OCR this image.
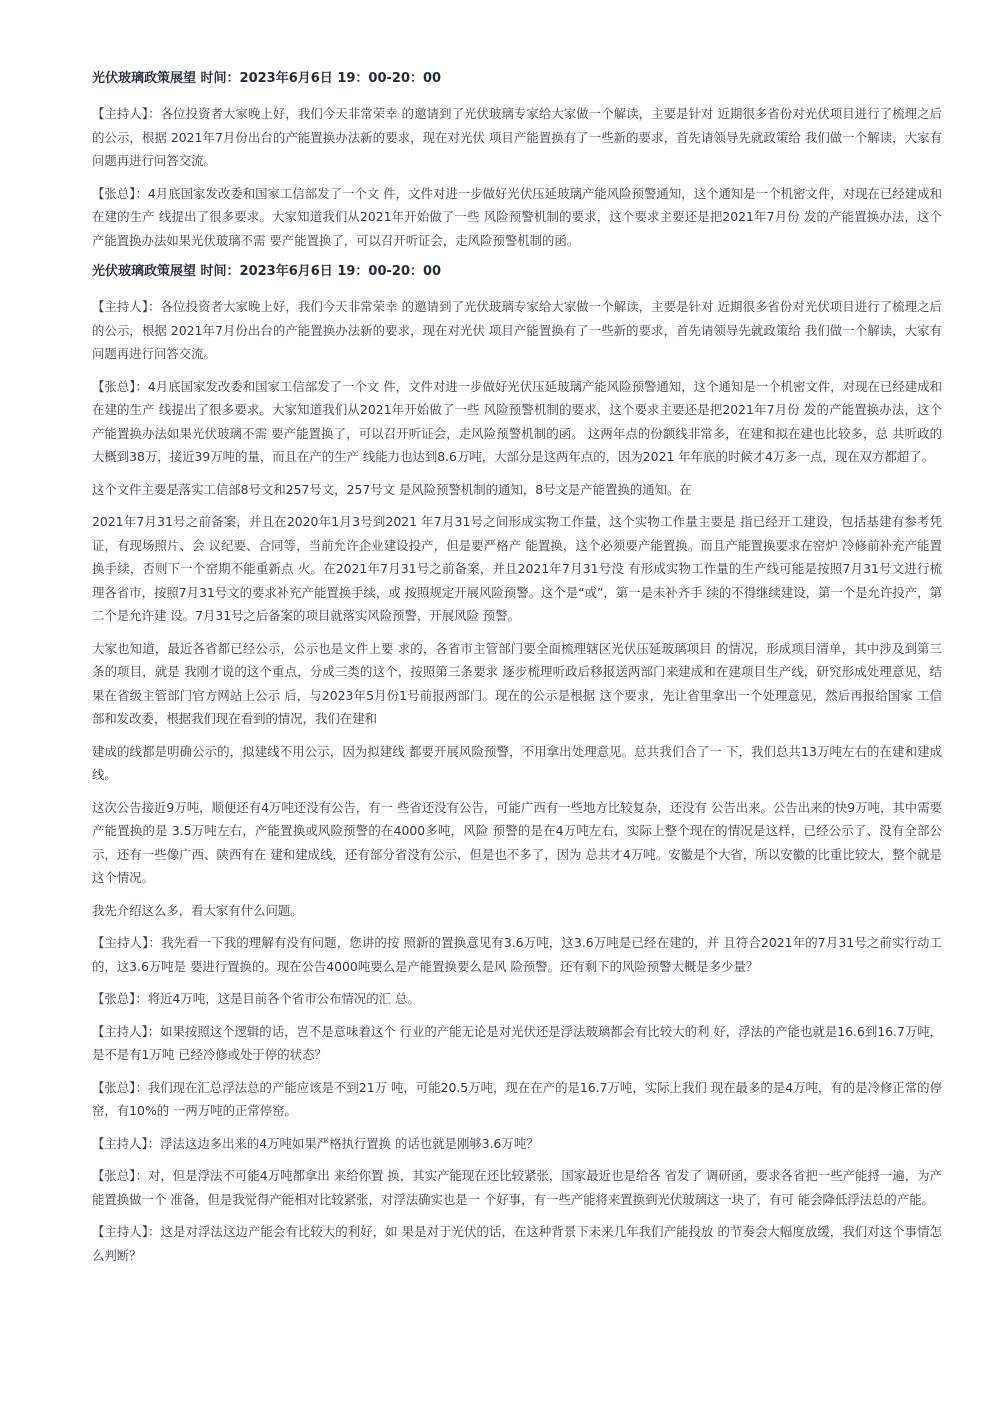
光伏玻璃政策展望 时间：2023年6月6日 19：00-20：00

【主持人】：各位投资者大家晚上好，我们今天非常荣幸 的邀请到了光伏玻璃专家给大家做一个解读，主要是针对 近期很多省份对光伏项目进行了梳理之后的公示，根据 2021年7月份出台的产能置换办法新的要求，现在对光伏 项目产能置换有了一些新的要求，首先请领导先就政策给 我们做一个解读，大家有问题再进行问答交流。

【张总】：4月底国家发改委和国家工信部发了一个文 件，文件对进一步做好光伏压延玻璃产能风险预警通知，这个通知是一个机密文件，对现在已经建成和在建的生产 线提出了很多要求。大家知道我们从2021年开始做了一些 风险预警机制的要求，这个要求主要还是把2021年7月份 发的产能置换办法，这个产能置换办法如果光伏玻璃不需 要产能置换了，可以召开听证会，走风险预警机制的函。

光伏玻璃政策展望 时间：2023年6月6日 19：00-20：00

【主持人】：各位投资者大家晚上好，我们今天非常荣幸 的邀请到了光伏玻璃专家给大家做一个解读，主要是针对 近期很多省份对光伏项目进行了梳理之后的公示，根据 2021年7月份出台的产能置换办法新的要求，现在对光伏 项目产能置换有了一些新的要求，首先请领导先就政策给 我们做一个解读，大家有问题再进行问答交流。

【张总】：4月底国家发改委和国家工信部发了一个文 件，文件对进一步做好光伏压延玻璃产能风险预警通知，这个通知是一个机密文件，对现在已经建成和在建的生产 线提出了很多要求。大家知道我们从2021年开始做了一些 风险预警机制的要求，这个要求主要还是把2021年7月份 发的产能置换办法，这个产能置换办法如果光伏玻璃不需 要产能置换了，可以召开听证会，走风险预警机制的函。 这两年点的份额线非常多，在建和拟在建也比较多，总 共听政的大概到38万，接近39万吨的量，而且在产的生产 线能力也达到8.6万吨，大部分是这两年点的，因为2021 年年底的时候才4万多一点，现在双方都超了。

这个文件主要是落实工信部8号文和257号文，257号文 是风险预警机制的通知，8号文是产能置换的通知。在

2021年7月31号之前备案，并且在2020年1月3号到2021 年7月31号之间形成实物工作量，这个实物工作量主要是 指已经开工建设，包括基建有参考凭证，有现场照片、会 议纪要、合同等，当前允许企业建设投产，但是要严格产 能置换，这个必须要产能置换。而且产能置换要求在窑炉 冷修前补充产能置换手续，否则下一个窑期不能重新点 火。在2021年7月31号之前备案，并且2021年7月31号没 有形成实物工作量的生产线可能是按照7月31号文进行梳 理各省市，按照7月31号文的要求补充产能置换手续，或 按照规定开展风险预警。这个是“或”，第一是未补齐手 续的不得继续建设，第一个是允许投产，第二个是允许建 设。7月31号之后备案的项目就落实风险预警，开展风险 预警。

大家也知道，最近各省都已经公示，公示也是文件上要 求的，各省市主管部门要全面梳理辖区光伏压延玻璃项目 的情况，形成项目清单，其中涉及到第三条的项目，就是 我刚才说的这个重点，分成三类的这个，按照第三条要求 逐步梳理听政后移报送两部门来建成和在建项目生产线，研究形成处理意见，结果在省级主管部门官方网站上公示 后，与2023年5月份1号前报两部门。现在的公示是根据 这个要求，先让省里拿出一个处理意见，然后再报给国家 工信部和发改委，根据我们现在看到的情况，我们在建和

建成的线都是明确公示的，拟建线不用公示，因为拟建线 都要开展风险预警，不用拿出处理意见。总共我们合了一 下，我们总共13万吨左右的在建和建成线。

这次公告接近9万吨，顺便还有4万吨还没有公告，有一 些省还没有公告，可能广西有一些地方比较复杂，还没有 公告出来。公告出来的快9万吨，其中需要产能置换的是 3.5万吨左右，产能置换或风险预警的在4000多吨，风险 预警的是在4万吨左右，实际上整个现在的情况是这样，已经公示了、没有全部公示，还有一些像广西、陕西有在 建和建成线，还有部分省没有公示，但是也不多了，因为 总共才4万吨。安徽是个大省，所以安徽的比重比较大，整个就是这个情况。

我先介绍这么多，看大家有什么问题。

【主持人】：我先看一下我的理解有没有问题，您讲的按 照新的置换意见有3.6万吨，这3.6万吨是已经在建的，并 且符合2021年的7月31号之前实行动工的，这3.6万吨是 要进行置换的。现在公告4000吨要么是产能置换要么是风 险预警。还有剩下的风险预警大概是多少量？

【张总】：将近4万吨，这是目前各个省市公布情况的汇 总。

【主持人】：如果按照这个逻辑的话，岂不是意味着这个 行业的产能无论是对光伏还是浮法玻璃都会有比较大的利 好，浮法的产能也就是16.6到16.7万吨，是不是有1万吨 已经冷修或处于停的状态？

【张总】：我们现在汇总浮法总的产能应该是不到21万 吨，可能20.5万吨，现在在产的是16.7万吨，实际上我们 现在最多的是4万吨，有的是冷修正常的停窑，有10%的 一两万吨的正常停窑。

【主持人】：浮法这边多出来的4万吨如果严格执行置换 的话也就是刚够3.6万吨？

【张总】：对，但是浮法不可能4万吨都拿出 来给你置 换，其实产能现在还比较紧张，国家最近也是给各 省发了 调研函，要求各省把一些产能捋一遍，为产能置换做一个 准备，但是我觉得产能相对比较紧张，对浮法确实也是一 个好事，有一些产能将来置换到光伏玻璃这一块了，有可 能会降低浮法总的产能。

【主持人】：这是对浮法这边产能会有比较大的利好，如 果是对于光伏的话，在这种背景下未来几年我们产能投放 的节奏会大幅度放缓，我们对这个事情怎么判断？
